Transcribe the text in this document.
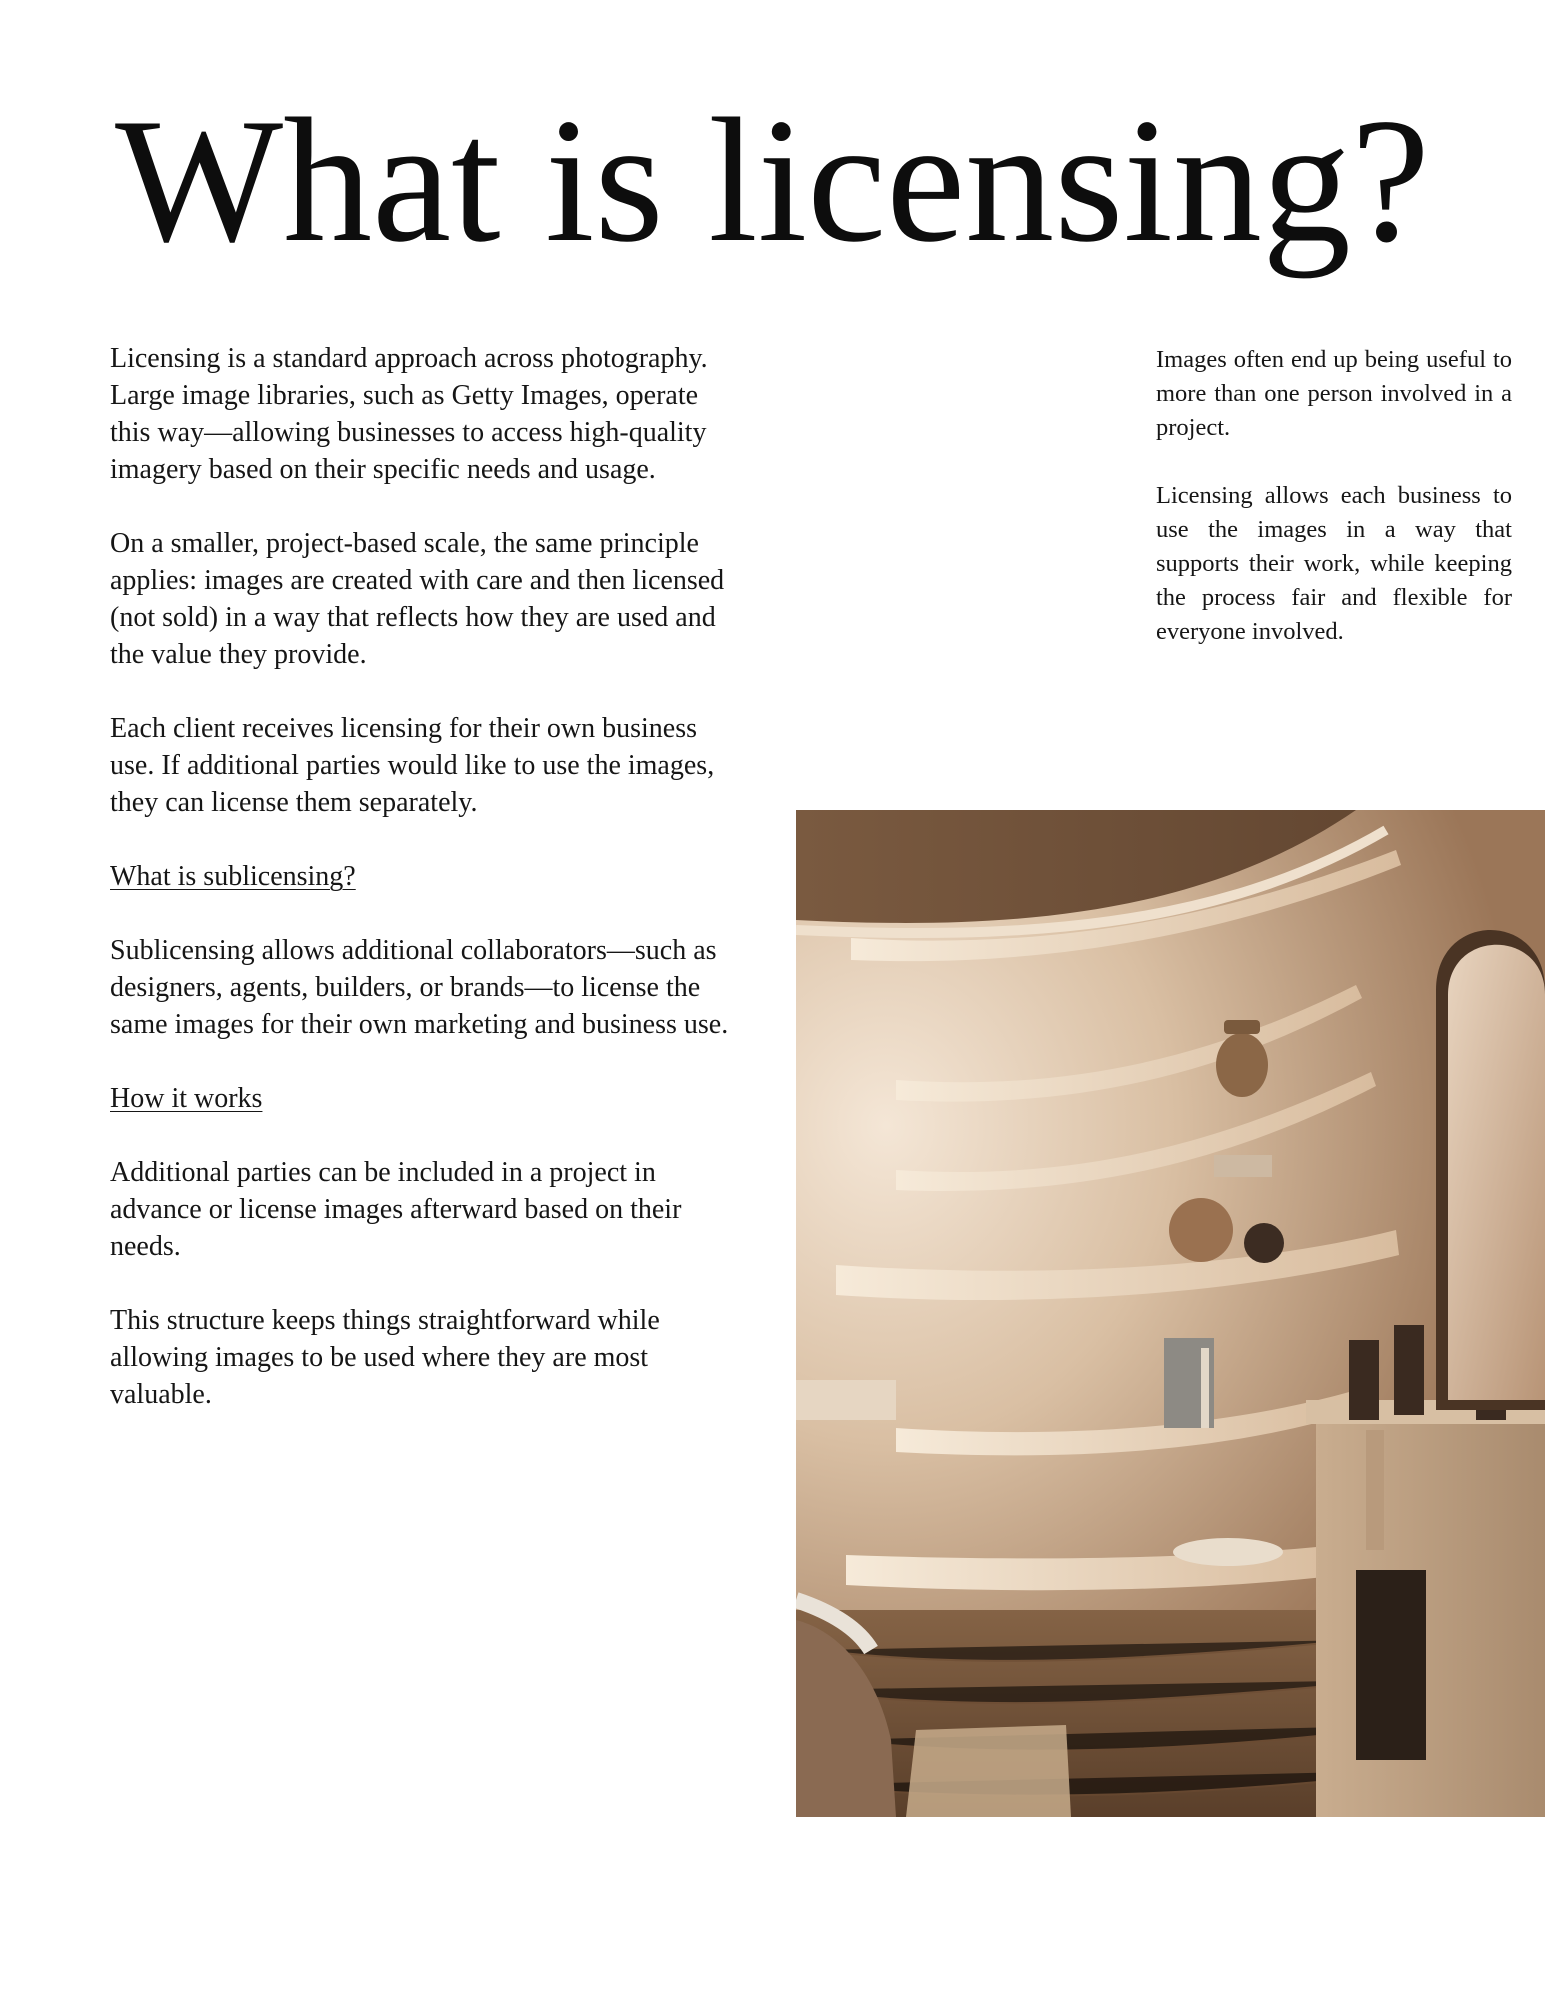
What is licensing?

Licensing is a standard approach across photography. Large image libraries, such as Getty Images, operate this way—allowing businesses to access high-quality imagery based on their specific needs and usage.

On a smaller, project-based scale, the same principle applies: images are created with care and then licensed (not sold) in a way that reflects how they are used and the value they provide.

Each client receives licensing for their own business use. If additional parties would like to use the images, they can license them separately.

What is sublicensing?

Sublicensing allows additional collaborators—such as designers, agents, builders, or brands—to license the same images for their own marketing and business use.

How it works

Additional parties can be included in a project in advance or license images afterward based on their needs.

This structure keeps things straightforward while allowing images to be used where they are most valuable.

Images often end up being useful to more than one person involved in a project.

Licensing allows each business to use the images in a way that supports their work, while keeping the process fair and flexible for everyone involved.
